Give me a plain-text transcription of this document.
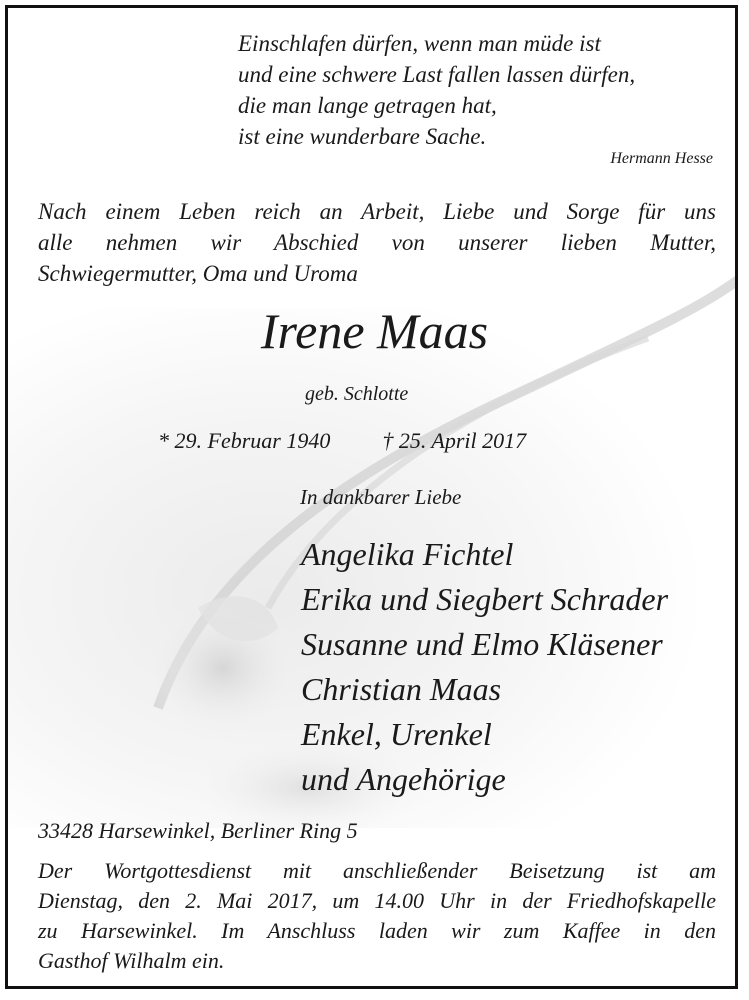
Einschlafen dürfen, wenn man müde ist
und eine schwere Last fallen lassen dürfen,
die man lange getragen hat,
ist eine wunderbare Sache.
Hermann Hesse
Nach einem Leben reich an Arbeit, Liebe und Sorge für uns
alle nehmen wir Abschied von unserer lieben Mutter,
Schwiegermutter, Oma und Uroma
Irene Maas
geb. Schlotte
* 29. Februar 1940 † 25. April 2017
In dankbarer Liebe
Angelika Fichtel
Erika und Siegbert Schrader
Susanne und Elmo Kläsener
Christian Maas
Enkel, Urenkel
und Angehörige
33428 Harsewinkel, Berliner Ring 5
Der Wortgottesdienst mit anschließender Beisetzung ist am
Dienstag, den 2. Mai 2017, um 14.00 Uhr in der Friedhofskapelle
zu Harsewinkel. Im Anschluss laden wir zum Kaffee in den
Gasthof Wilhalm ein.
